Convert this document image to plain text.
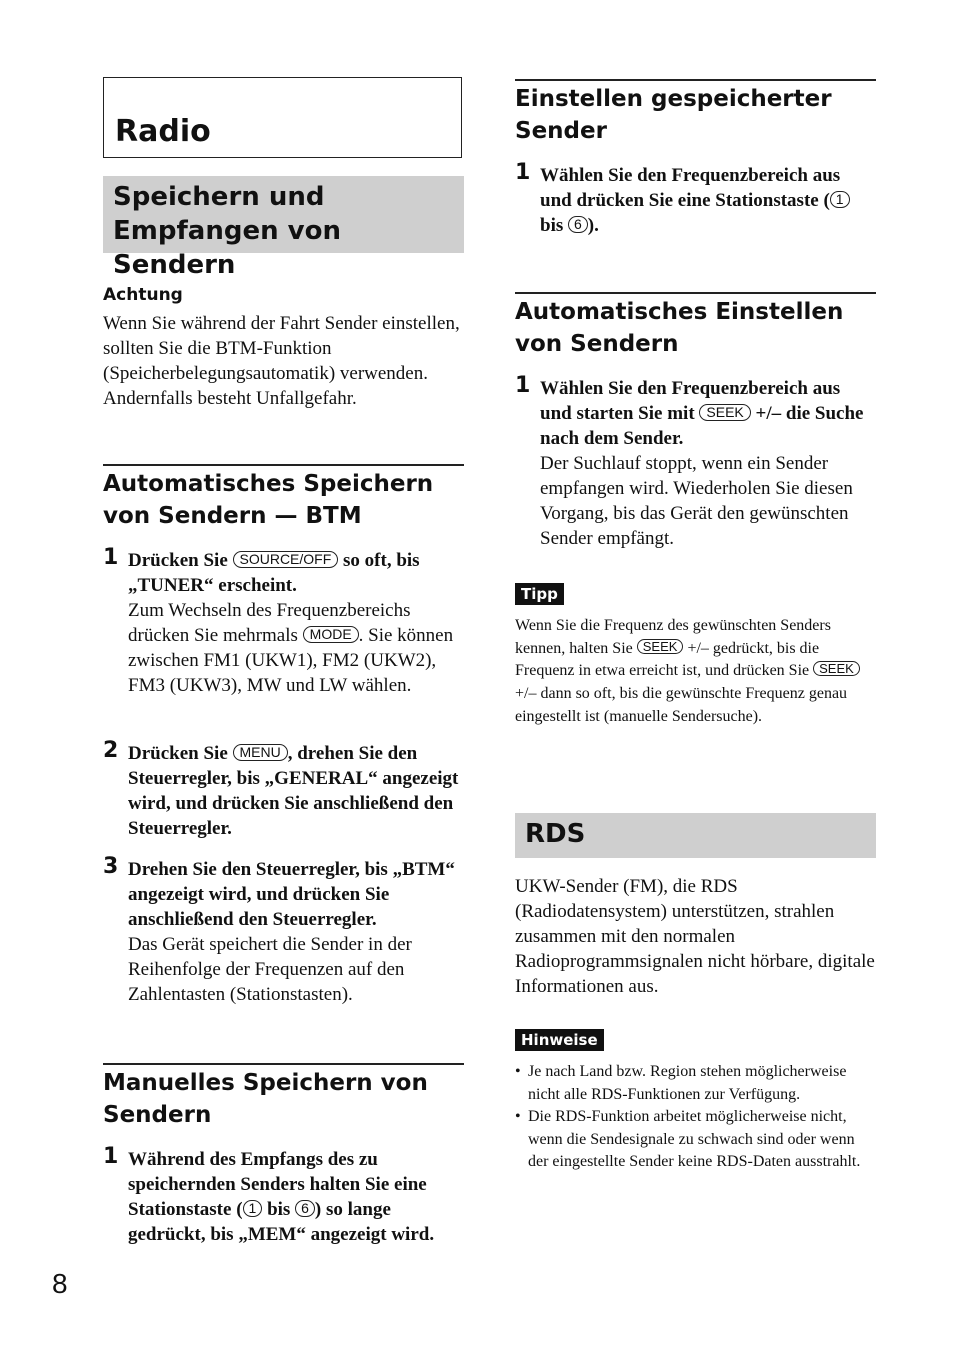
Radio
Speichern und Empfangen von Sendern
Achtung
Wenn Sie während der Fahrt Sender einstellen, sollten Sie die BTM-Funktion (Speicherbelegungsautomatik) verwenden. Andernfalls besteht Unfallgefahr.
Automatisches Speichern von Sendern — BTM
1 Drücken Sie SOURCE/OFF so oft, bis „TUNER“ erscheint.
Zum Wechseln des Frequenzbereichs drücken Sie mehrmals MODE . Sie können zwischen FM1 (UKW1), FM2 (UKW2), FM3 (UKW3), MW und LW wählen.
2 Drücken Sie MENU , drehen Sie den Steuerregler, bis „GENERAL“ angezeigt wird, und drücken Sie anschließend den Steuerregler.
3 Drehen Sie den Steuerregler, bis „BTM“ angezeigt wird, und drücken Sie anschließend den Steuerregler.
Das Gerät speichert die Sender in der Reihenfolge der Frequenzen auf den Zahlentasten (Stationstasten).
Manuelles Speichern von Sendern
1 Während des Empfangs des zu speichernden Senders halten Sie eine Stationstaste ( 1 bis 6 ) so lange gedrückt, bis „MEM“ angezeigt wird.
Einstellen gespeicherter Sender
1 Wählen Sie den Frequenzbereich aus und drücken Sie eine Stationstaste ( 1 bis 6 ).
Automatisches Einstellen von Sendern
1 Wählen Sie den Frequenzbereich aus und starten Sie mit SEEK +/– die Suche nach dem Sender.
Der Suchlauf stoppt, wenn ein Sender empfangen wird. Wiederholen Sie diesen Vorgang, bis das Gerät den gewünschten Sender empfängt.
Tipp
Wenn Sie die Frequenz des gewünschten Senders kennen, halten Sie SEEK +/– gedrückt, bis die Frequenz in etwa erreicht ist, und drücken Sie SEEK +/– dann so oft, bis die gewünschte Frequenz genau eingestellt ist (manuelle Sendersuche).
RDS
UKW-Sender (FM), die RDS (Radiodatensystem) unterstützen, strahlen zusammen mit den normalen Radioprogrammsignalen nicht hörbare, digitale Informationen aus.
Hinweise
• Je nach Land bzw. Region stehen möglicherweise nicht alle RDS-Funktionen zur Verfügung.
• Die RDS-Funktion arbeitet möglicherweise nicht, wenn die Sendesignale zu schwach sind oder wenn der eingestellte Sender keine RDS-Daten ausstrahlt.
8
